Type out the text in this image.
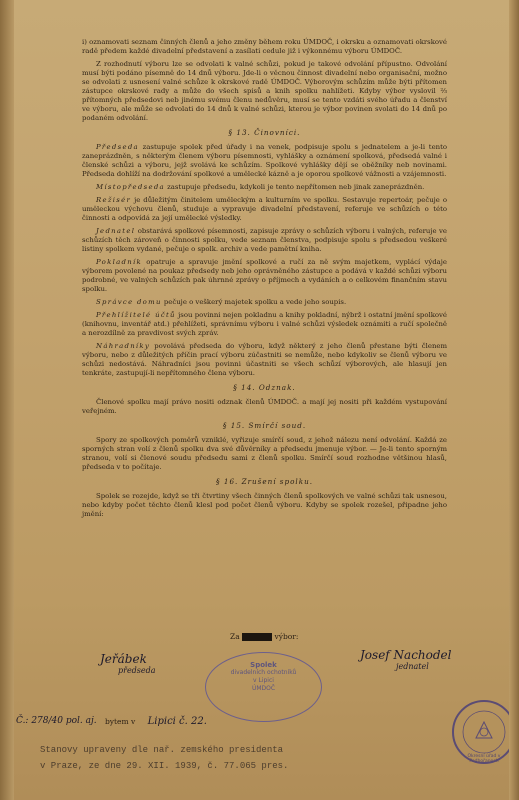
i) oznamovati seznam činných členů a jeho změny během roku ÚMDOČ, i okrsku a oznamovati okrskové radě předem každé divadelní představení a zasílati cedule již i výkonnému výboru ÚMDOČ.

Z rozhodnutí výboru lze se odvolati k valné schůzi, pokud je takové odvolání přípustno. Odvolání musí býti podáno písemně do 14 dnů výboru. Jde-li o věcnou činnost divadelní nebo organisační, možno se odvolati z usnesení valné schůze k okrskové radě ÚMDOČ. Výborovým schůzím může býti přítomen zástupce okrskové rady a může do všech spisů a knih spolku nahlížeti. Kdyby výbor vyslovil ⅔ přítomných předsedovi neb jinému svému členu nedůvěru, musí se tento vzdáti svého úřadu a členství ve výboru, ale může se odvolati do 14 dnů k valné schůzi, kterou je výbor povinen svolati do 14 dnů po podaném odvolání.

§ 13. Činovníci.

Předseda zastupuje spolek před úřady i na venek, podpisuje spolu s jednatelem a je-li tento zaneprázdněn, s některým členem výboru písemnosti, vyhlášky a oznámení spolková, předsedá valné i členské schůzi a výboru, jejž svolává ke schůzím. Spolkové vyhlášky dějí se oběžníky neb novinami. Předseda dohlíží na dodržování spolkové a umělecké kázně a je oporou spolkové vážnosti a vzájemnosti.

Místopředseda zastupuje předsedu, kdykoli je tento nepřítomen neb jinak zaneprázdněn.

Režisér je důležitým činitelem uměleckým a kulturním ve spolku. Sestavuje repertoár, pečuje o uměleckou výchovu členů, studuje a vypravuje divadelní představení, referuje ve schůzích o této činnosti a odpovídá za její umělecké výsledky.

Jednatel obstarává spolkové písemnosti, zapisuje zprávy o schůzích výboru i valných, referuje ve schůzích těch zároveň o činnosti spolku, vede seznam členstva, podpisuje spolu s předsedou veškeré listiny spolkem vydané, pečuje o spolk. archiv a vede pamětní kniha.

Pokladník opatruje a spravuje jmění spolkové a ručí za ně svým majetkem, vyplácí výdaje výborem povolené na poukaz předsedy neb jeho oprávněného zástupce a podává v každé schůzi výboru podrobné, ve valných schůzích pak úhrnné zprávy o příjmech a vydáních a o celkovém finančním stavu spolku.

Správce domu pečuje o veškerý majetek spolku a vede jeho soupis.

Přehlížitelé účtů jsou povinni nejen pokladnu a knihy pokladní, nýbrž i ostatní jmění spolkové (knihovnu, inventář atd.) přehlížeti, správnímu výboru i valné schůzi výsledek oznámiti a ručí společně a nerozdílně za pravdivost svých zpráv.

Náhradníky povolává předseda do výboru, když některý z jeho členů přestane býti členem výboru, nebo z důležitých příčin prací výboru zúčastniti se nemůže, nebo kdykoliv se členů výboru ve schůzi nedostává. Náhradníci jsou povinni účastniti se všech schůzí výborových, ale hlasují jen tenkráte, zastupují-li nepřítomného člena výboru.

§ 14. Odznak.

Členové spolku mají právo nositi odznak členů ÚMDOČ. a mají jej nositi při každém vystupování veřejném.

§ 15. Smírčí soud.

Spory ze spolkových poměrů vzniklé, vyřizuje smírčí soud, z jehož nálezu není odvolání. Každá ze sporných stran volí z členů spolku dva své důvěrníky a předsedu jmenuje výbor. — Je-li tento sporným stranou, volí si členové soudu předsedu sami z členů spolku. Smírčí soud rozhodne většinou hlasů, předseda v to počítaje.

§ 16. Zrušení spolku.

Spolek se rozejde, když se tři čtvrtiny všech činných členů spolkových ve valné schůzi tak usnesou, nebo kdyby počet těchto členů klesl pod počet členů výboru. Kdyby se spolek rozešel, připadne jeho jmění:

Za	výbor:
Jeřábek
předseda
Spolek
divadelních ochotníků
v Lipici
ÚMDOČ
Josef Nachodel
jednatel
Č.: 278/40 pol. aj. bytem v Lipici č. 22.
Stanovy upraveny dle nař. zemského presidenta
v Praze, ze dne 29. XII. 1939, č. 77.065 pres.
Okresní úřad v Podbořanech
